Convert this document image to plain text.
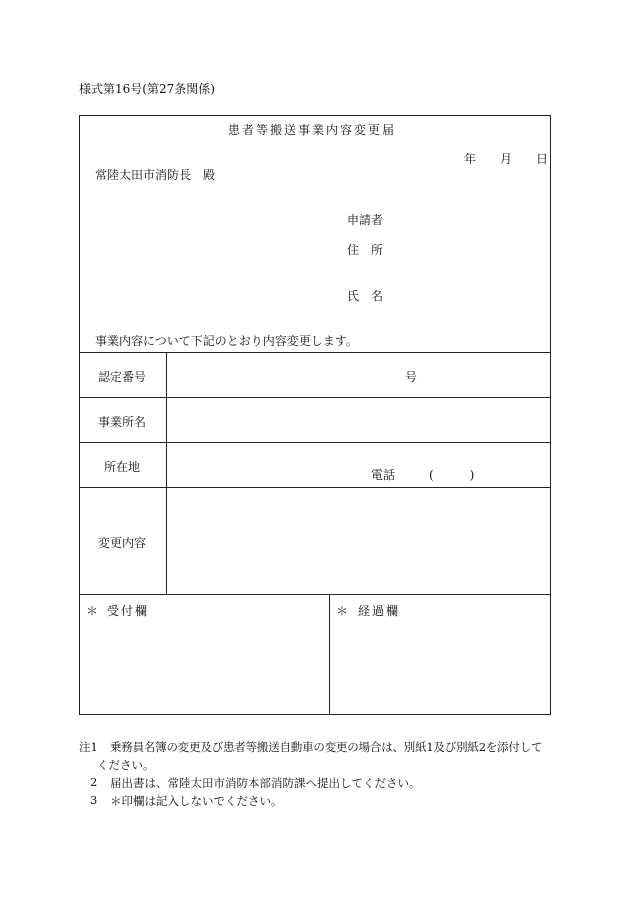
様式第16号(第27条関係)
患者等搬送事業内容変更届
年 月 日
常陸太田市消防長　殿
申請者
住　所
氏　名
事業内容について下記のとおり内容変更します。
認定番号	号
事業所名
所在地
電話	(　　　)
変更内容
＊ 受付欄	＊ 経過欄
注1 乗務員名簿の変更及び患者等搬送自動車の変更の場合は、別紙1及び別紙2を添付して
ください。
2 届出書は、常陸太田市消防本部消防課へ提出してください。
3 ＊印欄は記入しないでください。
